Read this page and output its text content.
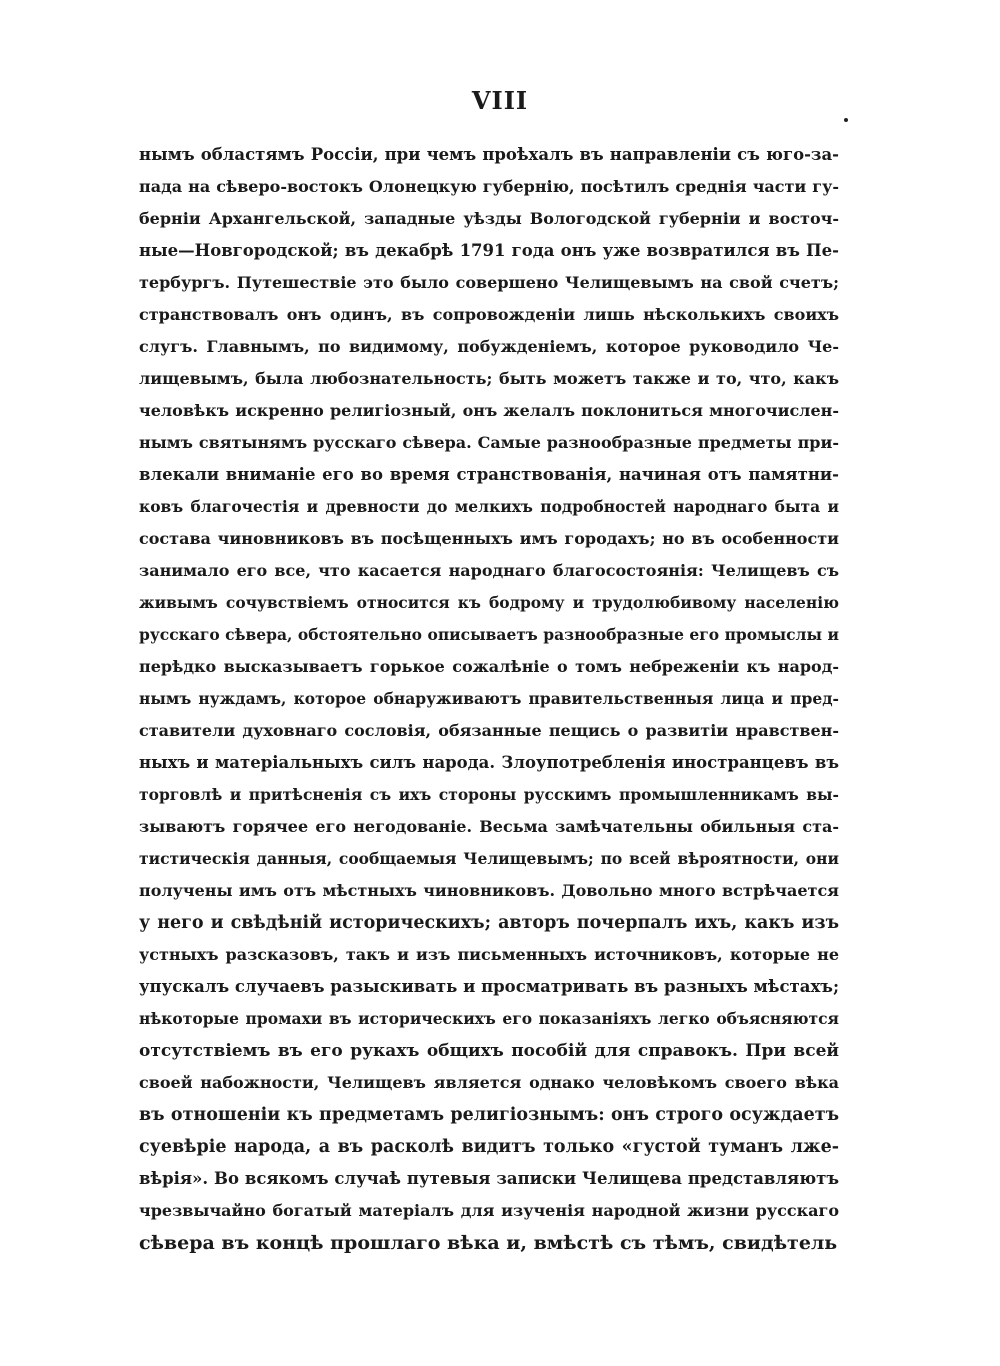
VIII
нымъ областямъ Россіи, при чемъ проѣхалъ въ направленіи съ юго-за-
пада на сѣверо-востокъ Олонецкую губернію, посѣтилъ среднія части гу-
берніи Архангельской, западные уѣзды Вологодской губерніи и восточ-
ные—Новгородской; въ декабрѣ 1791 года онъ уже возвратился въ Пе-
тербургъ. Путешествіе это было совершено Челищевымъ на свой счетъ;
странствовалъ онъ одинъ, въ сопровожденіи лишь нѣсколькихъ своихъ
слугъ. Главнымъ, по видимому, побужденіемъ, которое руководило Че-
лищевымъ, была любознательность; быть можетъ также и то, что, какъ
человѣкъ искренно религіозный, онъ желалъ поклониться многочислен-
нымъ святынямъ русскаго сѣвера. Самые разнообразные предметы при-
влекали вниманіе его во время странствованія, начиная отъ памятни-
ковъ благочестія и древности до мелкихъ подробностей народнаго быта и
состава чиновниковъ въ посѣщенныхъ имъ городахъ; но въ особенности
занимало его все, что касается народнаго благосостоянія: Челищевъ съ
живымъ сочувствіемъ относится къ бодрому и трудолюбивому населенію
русскаго сѣвера, обстоятельно описываетъ разнообразные его промыслы и
перѣдко высказываетъ горькое сожалѣніе о томъ небреженіи къ народ-
нымъ нуждамъ, которое обнаруживаютъ правительственныя лица и пред-
ставители духовнаго сословія, обязанные пещись о развитіи нравствен-
ныхъ и матеріальныхъ силъ народа. Злоупотребленія иностранцевъ въ
торговлѣ и притѣсненія съ ихъ стороны русскимъ промышленникамъ вы-
зываютъ горячее его негодованіе. Весьма замѣчательны обильныя ста-
тистическія данныя, сообщаемыя Челищевымъ; по всей вѣроятности, они
получены имъ отъ мѣстныхъ чиновниковъ. Довольно много встрѣчается
у него и свѣдѣній историческихъ; авторъ почерпалъ ихъ, какъ изъ
устныхъ разсказовъ, такъ и изъ письменныхъ источниковъ, которые не
упускалъ случаевъ разыскивать и просматривать въ разныхъ мѣстахъ;
нѣкоторые промахи въ историческихъ его показаніяхъ легко объясняются
отсутствіемъ въ его рукахъ общихъ пособій для справокъ. При всей
своей набожности, Челищевъ является однако человѣкомъ своего вѣка
въ отношеніи къ предметамъ религіознымъ: онъ строго осуждаетъ
суевѣріе народа, а въ расколѣ видитъ только «густой туманъ лже-
вѣрія». Во всякомъ случаѣ путевыя записки Челищева представляютъ
чрезвычайно богатый матеріалъ для изученія народной жизни русскаго
сѣвера въ концѣ прошлаго вѣка и, вмѣстѣ съ тѣмъ, свидѣтель
